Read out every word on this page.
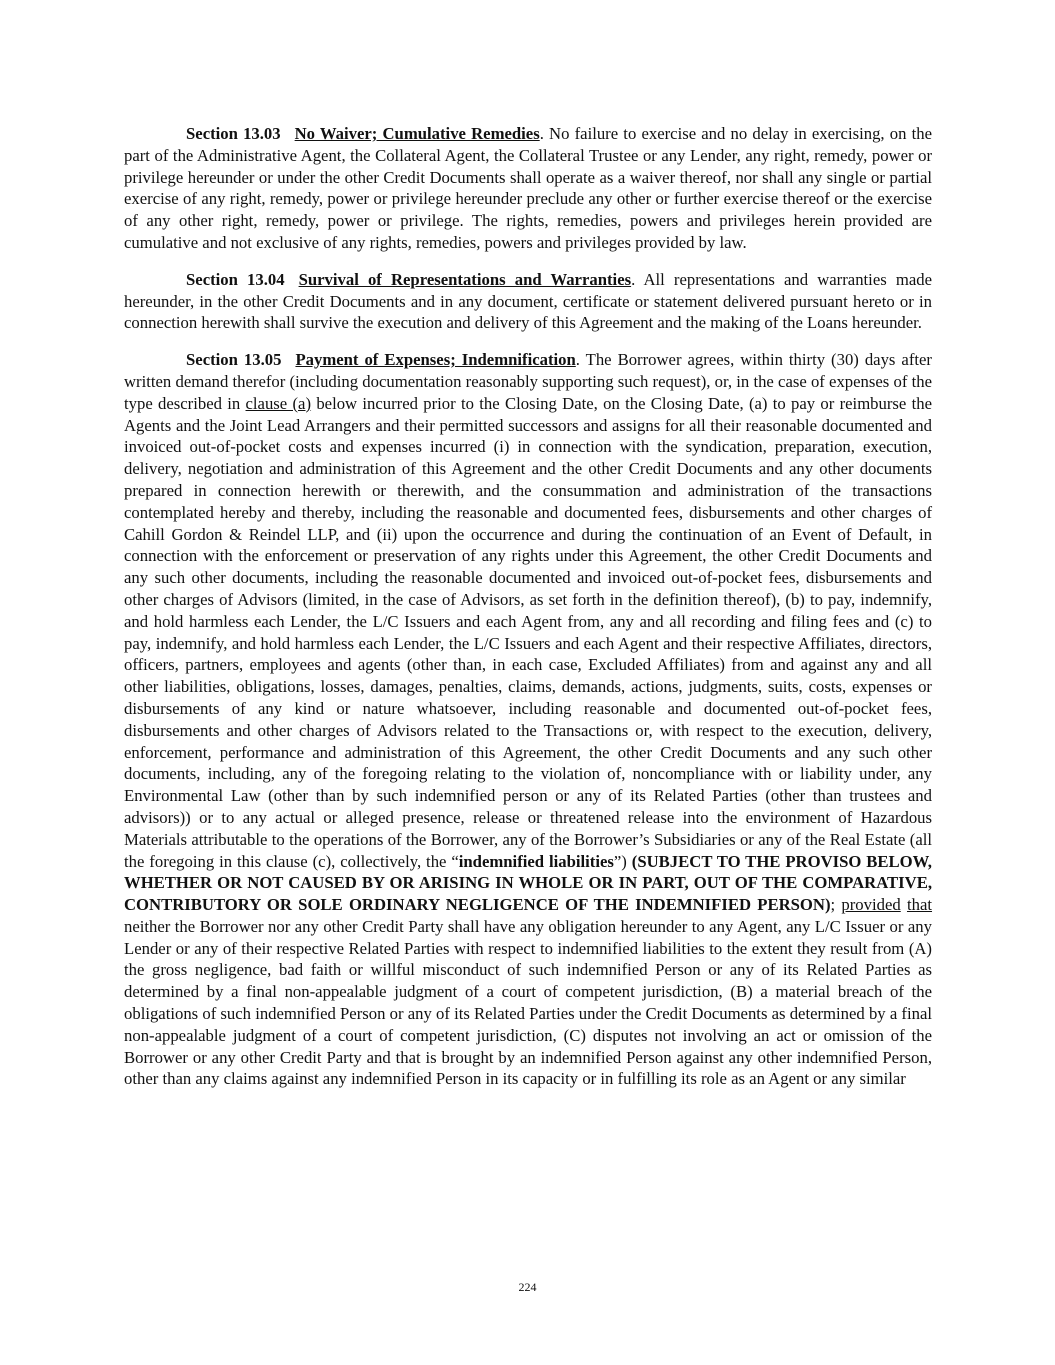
Section 13.03 No Waiver; Cumulative Remedies. No failure to exercise and no delay in exercising, on the part of the Administrative Agent, the Collateral Agent, the Collateral Trustee or any Lender, any right, remedy, power or privilege hereunder or under the other Credit Documents shall operate as a waiver thereof, nor shall any single or partial exercise of any right, remedy, power or privilege hereunder preclude any other or further exercise thereof or the exercise of any other right, remedy, power or privilege. The rights, remedies, powers and privileges herein provided are cumulative and not exclusive of any rights, remedies, powers and privileges provided by law.

Section 13.04 Survival of Representations and Warranties. All representations and warranties made hereunder, in the other Credit Documents and in any document, certificate or statement delivered pursuant hereto or in connection herewith shall survive the execution and delivery of this Agreement and the making of the Loans hereunder.

Section 13.05 Payment of Expenses; Indemnification. The Borrower agrees, within thirty (30) days after written demand therefor (including documentation reasonably supporting such request), or, in the case of expenses of the type described in clause (a) below incurred prior to the Closing Date, on the Closing Date, (a) to pay or reimburse the Agents and the Joint Lead Arrangers and their permitted successors and assigns for all their reasonable documented and invoiced out-of-pocket costs and expenses incurred (i) in connection with the syndication, preparation, execution, delivery, negotiation and administration of this Agreement and the other Credit Documents and any other documents prepared in connection herewith or therewith, and the consummation and administration of the transactions contemplated hereby and thereby, including the reasonable and documented fees, disbursements and other charges of Cahill Gordon & Reindel LLP, and (ii) upon the occurrence and during the continuation of an Event of Default, in connection with the enforcement or preservation of any rights under this Agreement, the other Credit Documents and any such other documents, including the reasonable documented and invoiced out-of-pocket fees, disbursements and other charges of Advisors (limited, in the case of Advisors, as set forth in the definition thereof), (b) to pay, indemnify, and hold harmless each Lender, the L/C Issuers and each Agent from, any and all recording and filing fees and (c) to pay, indemnify, and hold harmless each Lender, the L/C Issuers and each Agent and their respective Affiliates, directors, officers, partners, employees and agents (other than, in each case, Excluded Affiliates) from and against any and all other liabilities, obligations, losses, damages, penalties, claims, demands, actions, judgments, suits, costs, expenses or disbursements of any kind or nature whatsoever, including reasonable and documented out-of-pocket fees, disbursements and other charges of Advisors related to the Transactions or, with respect to the execution, delivery, enforcement, performance and administration of this Agreement, the other Credit Documents and any such other documents, including, any of the foregoing relating to the violation of, noncompliance with or liability under, any Environmental Law (other than by such indemnified person or any of its Related Parties (other than trustees and advisors)) or to any actual or alleged presence, release or threatened release into the environment of Hazardous Materials attributable to the operations of the Borrower, any of the Borrower’s Subsidiaries or any of the Real Estate (all the foregoing in this clause (c), collectively, the “indemnified liabilities”) (SUBJECT TO THE PROVISO BELOW, WHETHER OR NOT CAUSED BY OR ARISING IN WHOLE OR IN PART, OUT OF THE COMPARATIVE, CONTRIBUTORY OR SOLE ORDINARY NEGLIGENCE OF THE INDEMNIFIED PERSON); provided that neither the Borrower nor any other Credit Party shall have any obligation hereunder to any Agent, any L/C Issuer or any Lender or any of their respective Related Parties with respect to indemnified liabilities to the extent they result from (A) the gross negligence, bad faith or willful misconduct of such indemnified Person or any of its Related Parties as determined by a final non-appealable judgment of a court of competent jurisdiction, (B) a material breach of the obligations of such indemnified Person or any of its Related Parties under the Credit Documents as determined by a final non-appealable judgment of a court of competent jurisdiction, (C) disputes not involving an act or omission of the Borrower or any other Credit Party and that is brought by an indemnified Person against any other indemnified Person, other than any claims against any indemnified Person in its capacity or in fulfilling its role as an Agent or any similar

224
